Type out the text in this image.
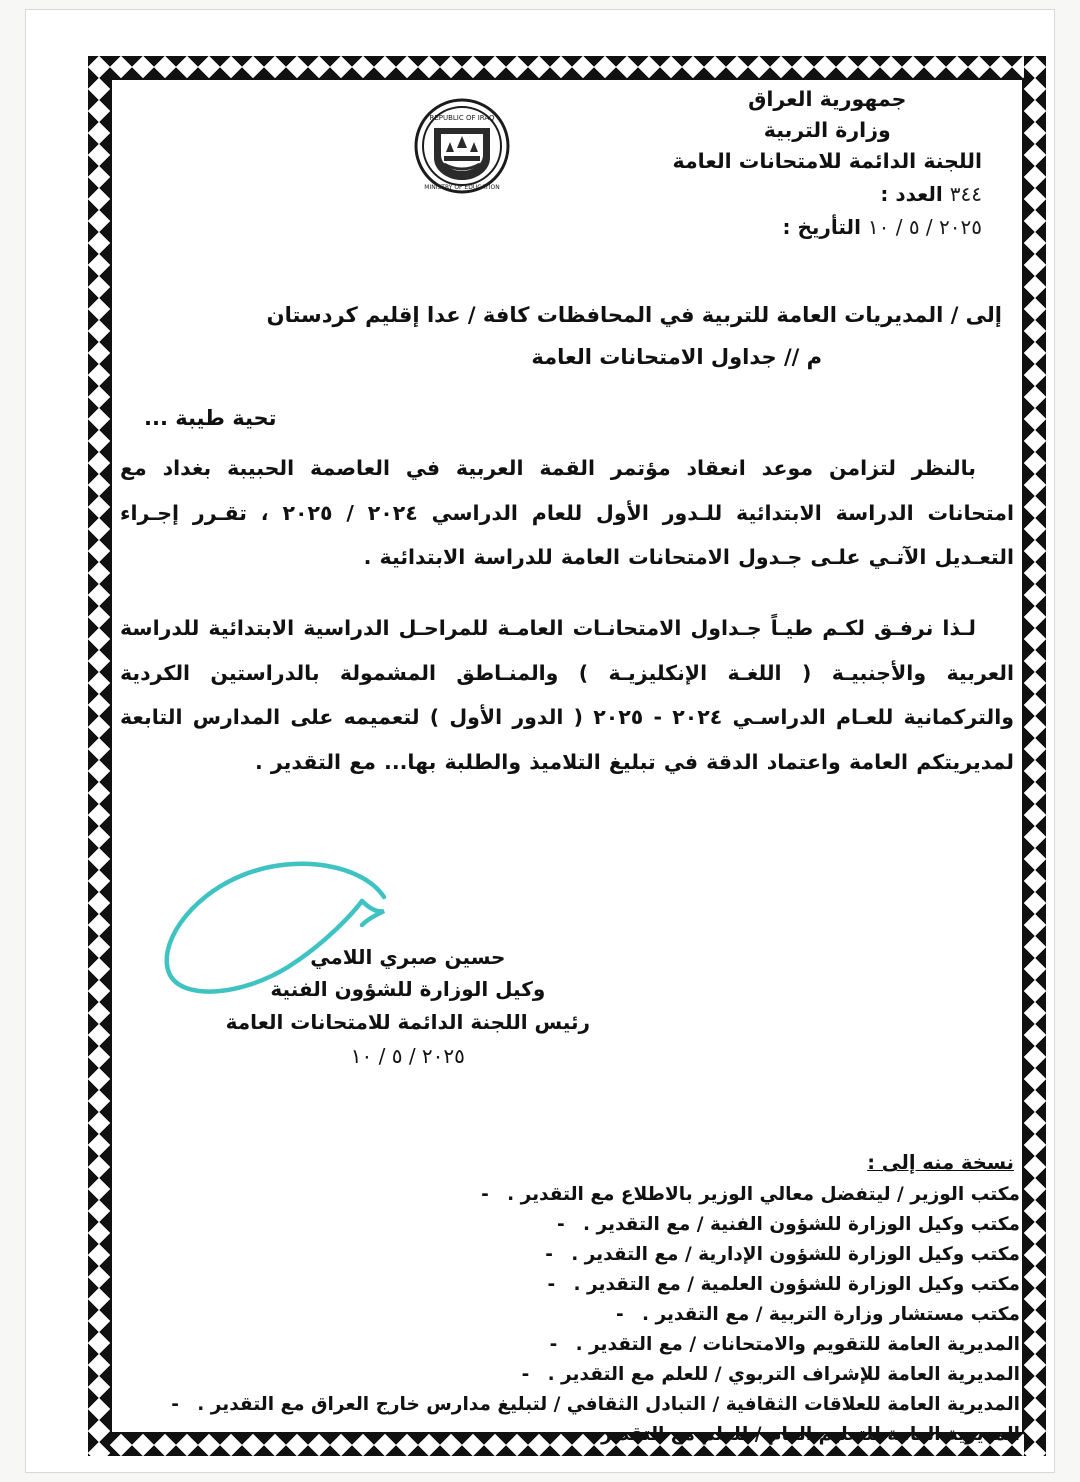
جمهورية العراق
وزارة التربية
اللجنة الدائمة للامتحانات العامة
٣٤٤ العدد :
٢٠٢٥ / ٥ / ١٠ التأريخ :
REPUBLIC OF IRAQ
MINISTRY OF EDUCATION
إلى / المديريات العامة للتربية في المحافظات كافة / عدا إقليم كردستان
م // جداول الامتحانات العامة
تحية طيبة ...
بالنظر لتزامن موعد انعقاد مؤتمر القمة العربية في العاصمة الحبيبة بغداد مع امتحانات الدراسة الابتدائية للـدور الأول للعام الدراسي ٢٠٢٤ / ٢٠٢٥ ، تقـرر إجـراء التعـديل الآتـي علـى جـدول الامتحانات العامة للدراسة الابتدائية .
لـذا نرفـق لكـم طيـاً جـداول الامتحانـات العامـة للمراحـل الدراسية الابتدائية للدراسة العربية والأجنبيـة ( اللغـة الإنكليزيـة ) والمنـاطق المشمولة بالدراستين الكردية والتركمانية للعـام الدراسـي ٢٠٢٤ - ٢٠٢٥ ( الدور الأول ) لتعميمه على المدارس التابعة لمديريتكم العامة واعتماد الدقة في تبليغ التلاميذ والطلبة بها... مع التقدير .
حسين صبري اللامي
وكيل الوزارة للشؤون الفنية
رئيس اللجنة الدائمة للامتحانات العامة
٢٠٢٥ / ٥ / ١٠
نسخة منه إلى :
مكتب الوزير / ليتفضل معالي الوزير بالاطلاع مع التقدير .-
مكتب وكيل الوزارة للشؤون الفنية / مع التقدير .-
مكتب وكيل الوزارة للشؤون الإدارية / مع التقدير .-
مكتب وكيل الوزارة للشؤون العلمية / مع التقدير .-
مكتب مستشار وزارة التربية / مع التقدير .-
المديرية العامة للتقويم والامتحانات / مع التقدير .-
المديرية العامة للإشراف التربوي / للعلم مع التقدير .-
المديرية العامة للعلاقات الثقافية / التبادل الثقافي / لتبليغ مدارس خارج العراق مع التقدير .-
المديرية العامة للتعليم العام / للعلم مع التقدير .-
